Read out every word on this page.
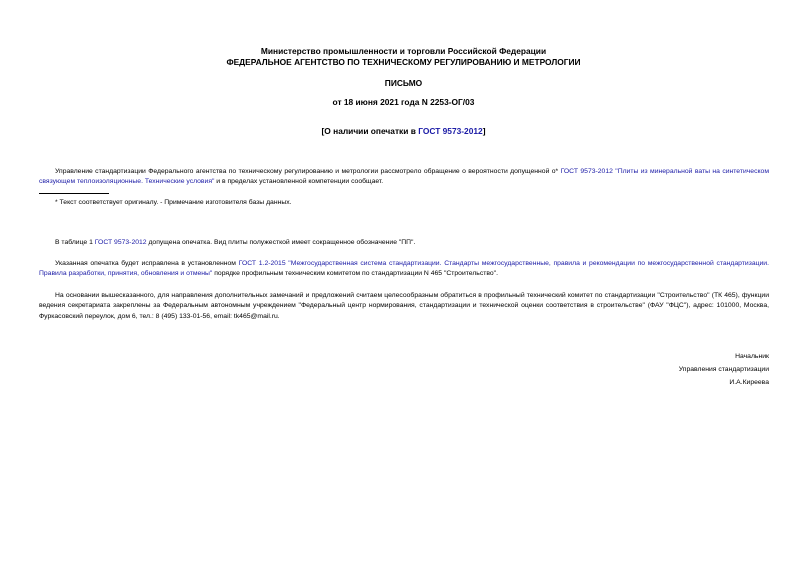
Министерство промышленности и торговли Российской Федерации
ФЕДЕРАЛЬНОЕ АГЕНТСТВО ПО ТЕХНИЧЕСКОМУ РЕГУЛИРОВАНИЮ И МЕТРОЛОГИИ
ПИСЬМО
от 18 июня 2021 года N 2253-ОГ/03
[О наличии опечатки в ГОСТ 9573-2012]
Управление стандартизации Федерального агентства по техническому регулированию и метрологии рассмотрело обращение о вероятности допущенной о* ГОСТ 9573-2012 "Плиты из минеральной ваты на синтетическом связующем теплоизоляционные. Технические условия" и в пределах установленной компетенции сообщает.
* Текст соответствует оригиналу. - Примечание изготовителя базы данных.
В таблице 1 ГОСТ 9573-2012 допущена опечатка. Вид плиты полужесткой имеет сокращенное обозначение "ПП".
Указанная опечатка будет исправлена в установленном ГОСТ 1.2-2015 "Межгосударственная система стандартизации. Стандарты межгосударственные, правила и рекомендации по межгосударственной стандартизации. Правила разработки, принятия, обновления и отмены" порядке профильным техническим комитетом по стандартизации N 465 "Строительство".
На основании вышесказанного, для направления дополнительных замечаний и предложений считаем целесообразным обратиться в профильный технический комитет по стандартизации "Строительство" (ТК 465), функции ведения секретариата закреплены за Федеральным автономным учреждением "Федеральный центр нормирования, стандартизации и технической оценки соответствия в строительстве" (ФАУ "ФЦС"), адрес: 101000, Москва, Фуркасовский переулок, дом 6, тел.: 8 (495) 133-01-56, email: tk465@mail.ru.
Начальник
Управления стандартизации
И.А.Киреева
